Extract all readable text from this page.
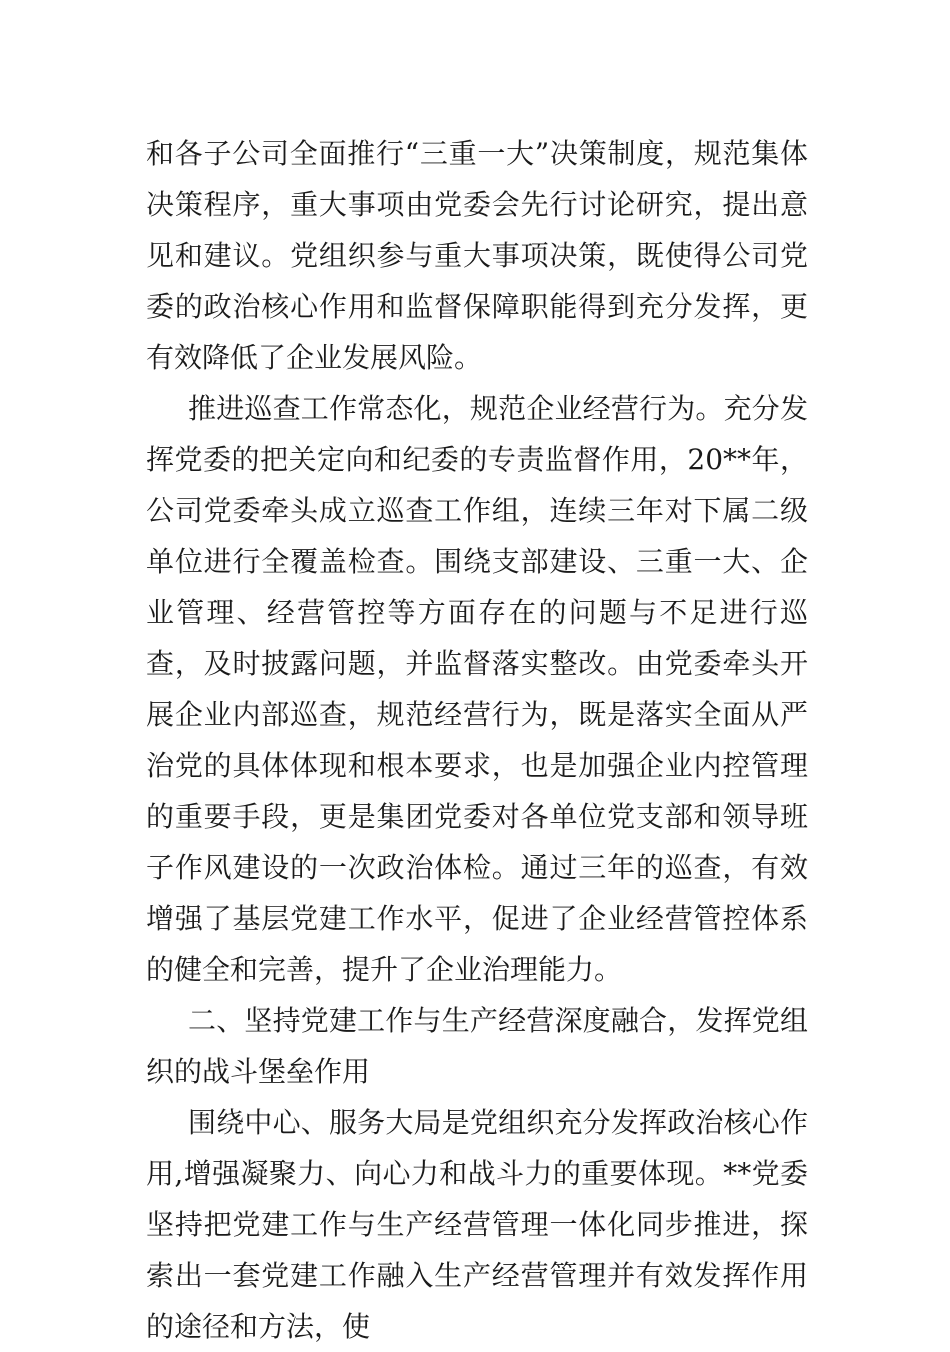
和各子公司全面推行“三重一大”决策制度，规范集体决策程序，重大事项由党委会先行讨论研究，提出意见和建议。党组织参与重大事项决策，既使得公司党委的政治核心作用和监督保障职能得到充分发挥，更有效降低了企业发展风险。

推进巡查工作常态化，规范企业经营行为。充分发挥党委的把关定向和纪委的专责监督作用，20**年，公司党委牵头成立巡查工作组，连续三年对下属二级单位进行全覆盖检查。围绕支部建设、三重一大、企业管理、经营管控等方面存在的问题与不足进行巡查，及时披露问题，并监督落实整改。由党委牵头开展企业内部巡查，规范经营行为，既是落实全面从严治党的具体体现和根本要求，也是加强企业内控管理的重要手段，更是集团党委对各单位党支部和领导班子作风建设的一次政治体检。通过三年的巡查，有效增强了基层党建工作水平，促进了企业经营管控体系的健全和完善，提升了企业治理能力。

二、坚持党建工作与生产经营深度融合，发挥党组织的战斗堡垒作用

围绕中心、服务大局是党组织充分发挥政治核心作用,增强凝聚力、向心力和战斗力的重要体现。**党委坚持把党建工作与生产经营管理一体化同步推进，探索出一套党建工作融入生产经营管理并有效发挥作用的途径和方法，使
